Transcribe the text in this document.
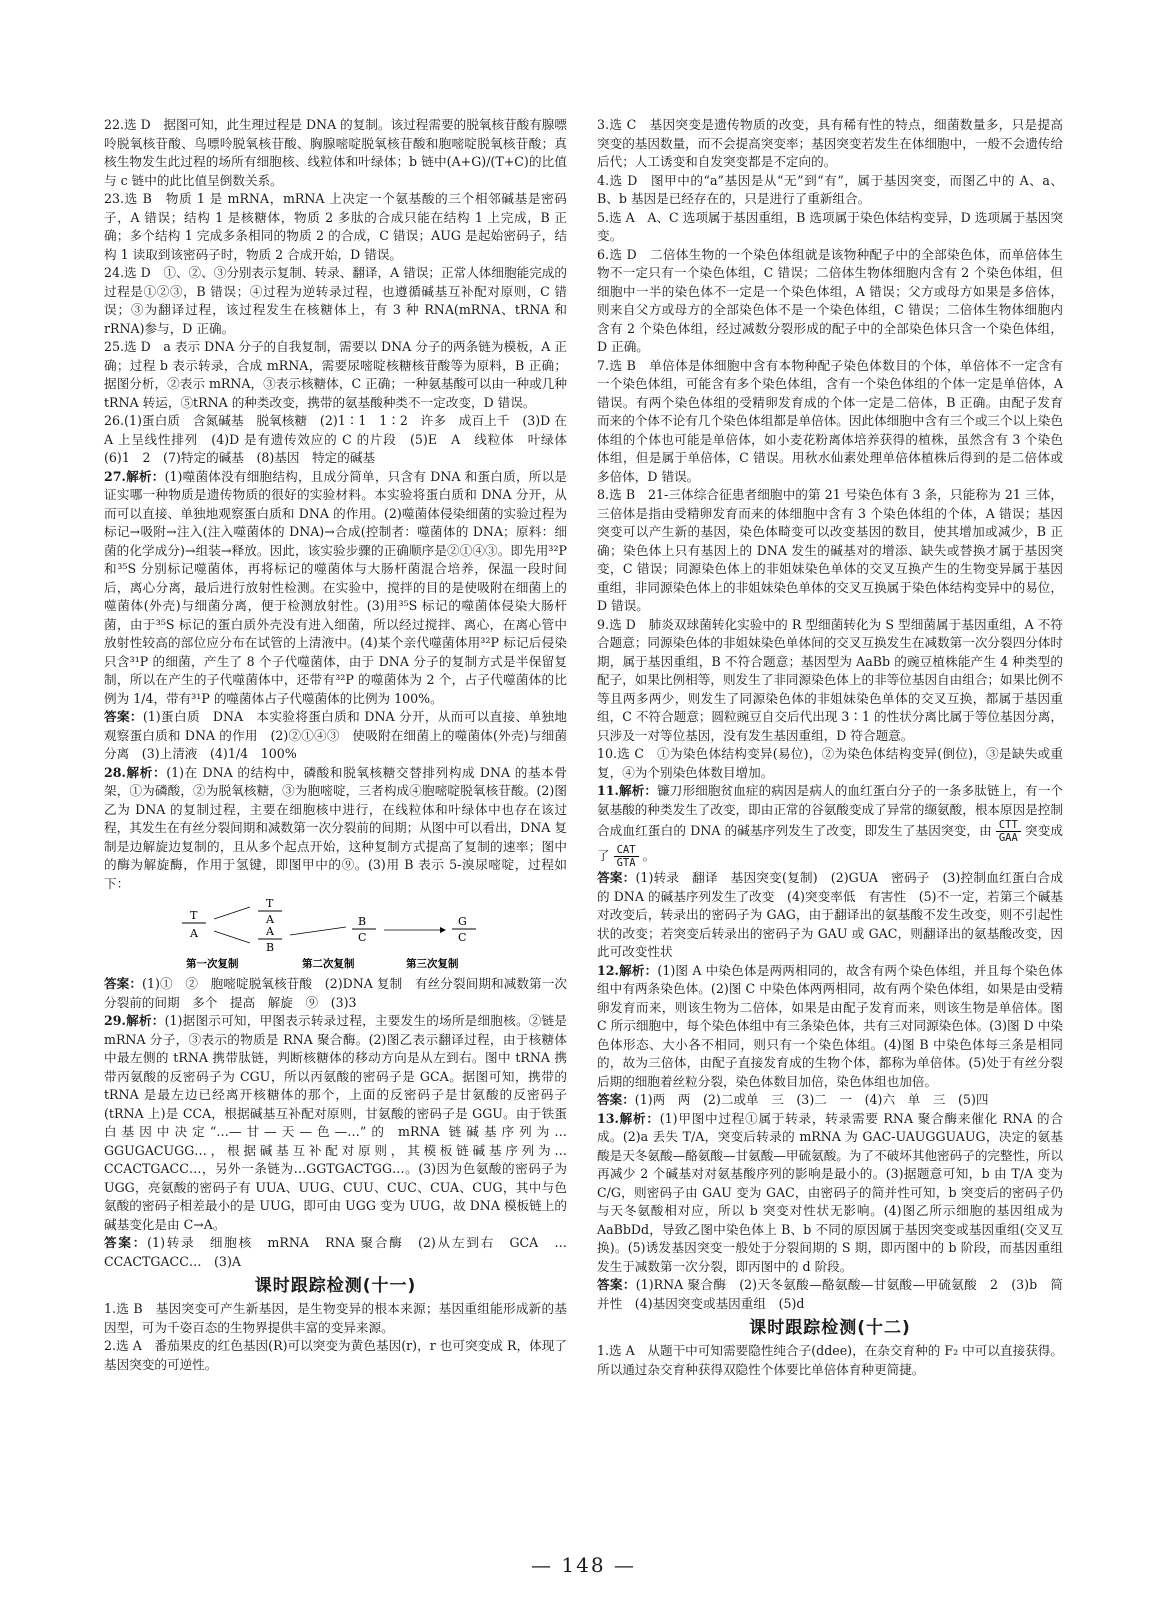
22.选 D　据图可知，此生理过程是 DNA 的复制。该过程需要的脱氧核苷酸有腺嘌呤脱氧核苷酸、鸟嘌呤脱氧核苷酸、胸腺嘧啶脱氧核苷酸和胞嘧啶脱氧核苷酸；真核生物发生此过程的场所有细胞核、线粒体和叶绿体；b 链中(A+G)/(T+C)的比值与 c 链中的此比值呈倒数关系。

23.选 B　物质 1 是 mRNA，mRNA 上决定一个氨基酸的三个相邻碱基是密码子，A 错误；结构 1 是核糖体，物质 2 多肽的合成只能在结构 1 上完成，B 正确；多个结构 1 完成多条相同的物质 2 的合成，C 错误；AUG 是起始密码子，结构 1 读取到该密码子时，物质 2 合成开始，D 错误。

24.选 D　①、②、③分别表示复制、转录、翻译，A 错误；正常人体细胞能完成的过程是①②③，B 错误；④过程为逆转录过程，也遵循碱基互补配对原则，C 错误；③为翻译过程，该过程发生在核糖体上，有 3 种 RNA(mRNA、tRNA 和 rRNA)参与，D 正确。

25.选 D　a 表示 DNA 分子的自我复制，需要以 DNA 分子的两条链为模板，A 正确；过程 b 表示转录，合成 mRNA，需要尿嘧啶核糖核苷酸等为原料，B 正确；据图分析，②表示 mRNA，③表示核糖体，C 正确；一种氨基酸可以由一种或几种 tRNA 转运，⑤tRNA 的种类改变，携带的氨基酸种类不一定改变，D 错误。

26.(1)蛋白质　含氮碱基　脱氧核糖　(2)1∶1　1∶2　许多　成百上千　(3)D 在 A 上呈线性排列　(4)D 是有遗传效应的 C 的片段　(5)E　A　线粒体　叶绿体　(6)1　2　(7)特定的碱基　(8)基因　特定的碱基

27.解析：(1)噬菌体没有细胞结构，且成分简单，只含有 DNA 和蛋白质，所以是证实哪一种物质是遗传物质的很好的实验材料。本实验将蛋白质和 DNA 分开，从而可以直接、单独地观察蛋白质和 DNA 的作用。(2)噬菌体侵染细菌的实验过程为标记→吸附→注入(注入噬菌体的 DNA)→合成(控制者：噬菌体的 DNA；原料：细菌的化学成分)→组装→释放。因此，该实验步骤的正确顺序是②①④③。即先用³²P 和³⁵S 分别标记噬菌体，再将标记的噬菌体与大肠杆菌混合培养，保温一段时间后，离心分离，最后进行放射性检测。在实验中，搅拌的目的是使吸附在细菌上的噬菌体(外壳)与细菌分离，便于检测放射性。(3)用³⁵S 标记的噬菌体侵染大肠杆菌，由于³⁵S 标记的蛋白质外壳没有进入细菌，所以经过搅拌、离心，在离心管中放射性较高的部位应分布在试管的上清液中。(4)某个亲代噬菌体用³²P 标记后侵染只含³¹P 的细菌，产生了 8 个子代噬菌体，由于 DNA 分子的复制方式是半保留复制，所以在产生的子代噬菌体中，还带有³²P 的噬菌体为 2 个，占子代噬菌体的比例为 1/4，带有³¹P 的噬菌体占子代噬菌体的比例为 100%。

答案：(1)蛋白质　DNA　本实验将蛋白质和 DNA 分开，从而可以直接、单独地观察蛋白质和 DNA 的作用　(2)②①④③　使吸附在细菌上的噬菌体(外壳)与细菌分离　(3)上清液　(4)1/4　100%

28.解析：(1)在 DNA 的结构中，磷酸和脱氧核糖交替排列构成 DNA 的基本骨架，①为磷酸，②为脱氧核糖，③为胞嘧啶，三者构成④胞嘧啶脱氧核苷酸。(2)图乙为 DNA 的复制过程，主要在细胞核中进行，在线粒体和叶绿体中也存在该过程，其发生在有丝分裂间期和减数第一次分裂前的间期；从图中可以看出，DNA 复制是边解旋边复制的，且从多个起点开始，这种复制方式提高了复制的速率；图中的酶为解旋酶，作用于氢键，即图甲中的⑨。(3)用 B 表示 5-溴尿嘧啶，过程如下：

T
A
T
A
A
B
B
C
G
C
第一次复制	第二次复制	第三次复制

答案：(1)①　②　胞嘧啶脱氧核苷酸　(2)DNA 复制　有丝分裂间期和减数第一次分裂前的间期　多个　提高　解旋　⑨　(3)3

29.解析：(1)据图示可知，甲图表示转录过程，主要发生的场所是细胞核。②链是 mRNA 分子，③表示的物质是 RNA 聚合酶。(2)图乙表示翻译过程，由于核糖体中最左侧的 tRNA 携带肽链，判断核糖体的移动方向是从左到右。图中 tRNA 携带丙氨酸的反密码子为 CGU，所以丙氨酸的密码子是 GCA。据图可知，携带的 tRNA 是最左边已经离开核糖体的那个，上面的反密码子是甘氨酸的反密码子(tRNA 上)是 CCA，根据碱基互补配对原则，甘氨酸的密码子是 GGU。由于铁蛋白基因中决定“…—甘—天—色—…”的 mRNA 链碱基序列为…GGUGACUGG…，根据碱基互补配对原则，其模板链碱基序列为…CCACTGACC…，另外一条链为…GGTGACTGG…。(3)因为色氨酸的密码子为 UGG，亮氨酸的密码子有 UUA、UUG、CUU、CUC、CUA、CUG，其中与色氨酸的密码子相差最小的是 UUG，即可由 UGG 变为 UUG，故 DNA 模板链上的碱基变化是由 C→A。

答案：(1)转录　细胞核　mRNA　RNA 聚合酶　(2)从左到右　GCA　…CCACTGACC…　(3)A

课时跟踪检测(十一)

1.选 B　基因突变可产生新基因，是生物变异的根本来源；基因重组能形成新的基因型，可为千姿百态的生物界提供丰富的变异来源。

2.选 A　番茄果皮的红色基因(R)可以突变为黄色基因(r)，r 也可突变成 R，体现了基因突变的可逆性。

3.选 C　基因突变是遗传物质的改变，具有稀有性的特点，细菌数量多，只是提高突变的基因数量，而不会提高突变率；基因突变若发生在体细胞中，一般不会遗传给后代；人工诱变和自发突变都是不定向的。

4.选 D　图甲中的“a”基因是从“无”到“有”，属于基因突变，而图乙中的 A、a、B、b 基因是已经存在的，只是进行了重新组合。

5.选 A　A、C 选项属于基因重组，B 选项属于染色体结构变异，D 选项属于基因突变。

6.选 D　二倍体生物的一个染色体组就是该物种配子中的全部染色体，而单倍体生物不一定只有一个染色体组，C 错误；二倍体生物体细胞内含有 2 个染色体组，但细胞中一半的染色体不一定是一个染色体组，A 错误；父方或母方如果是多倍体，则来自父方或母方的全部染色体不是一个染色体组，C 错误；二倍体生物体细胞内含有 2 个染色体组，经过减数分裂形成的配子中的全部染色体只含一个染色体组，D 正确。

7.选 B　单倍体是体细胞中含有本物种配子染色体数目的个体，单倍体不一定含有一个染色体组，可能含有多个染色体组，含有一个染色体组的个体一定是单倍体，A 错误。有两个染色体组的受精卵发育成的个体一定是二倍体，B 正确。由配子发育而来的个体不论有几个染色体组都是单倍体。因此体细胞中含有三个或三个以上染色体组的个体也可能是单倍体，如小麦花粉离体培养获得的植株，虽然含有 3 个染色体组，但是属于单倍体，C 错误。用秋水仙素处理单倍体植株后得到的是二倍体或多倍体，D 错误。

8.选 B　21-三体综合征患者细胞中的第 21 号染色体有 3 条，只能称为 21 三体，三倍体是指由受精卵发育而来的体细胞中含有 3 个染色体组的个体，A 错误；基因突变可以产生新的基因，染色体畸变可以改变基因的数目，使其增加或减少，B 正确；染色体上只有基因上的 DNA 发生的碱基对的增添、缺失或替换才属于基因突变，C 错误；同源染色体上的非姐妹染色单体的交叉互换产生的生物变异属于基因重组，非同源染色体上的非姐妹染色单体的交叉互换属于染色体结构变异中的易位，D 错误。

9.选 D　肺炎双球菌转化实验中的 R 型细菌转化为 S 型细菌属于基因重组，A 不符合题意；同源染色体的非姐妹染色单体间的交叉互换发生在减数第一次分裂四分体时期，属于基因重组，B 不符合题意；基因型为 AaBb 的豌豆植株能产生 4 种类型的配子，如果比例相等，则发生了非同源染色体上的非等位基因自由组合；如果比例不等且两多两少，则发生了同源染色体的非姐妹染色单体的交叉互换，都属于基因重组，C 不符合题意；圆粒豌豆自交后代出现 3∶1 的性状分离比属于等位基因分离，只涉及一对等位基因，没有发生基因重组，D 符合题意。

10.选 C　①为染色体结构变异(易位)，②为染色体结构变异(倒位)，③是缺失或重复，④为个别染色体数目增加。

11.解析：镰刀形细胞贫血症的病因是病人的血红蛋白分子的一条多肽链上，有一个氨基酸的种类发生了改变，即由正常的谷氨酸变成了异常的缬氨酸，根本原因是控制合成血红蛋白的 DNA 的碱基序列发生了改变，即发生了基因突变，由 $\frac{\text{CTT}}{\text{GAA}}$ 突变成了 $\frac{\text{CAT}}{\text{GTA}}$ 。

答案：(1)转录　翻译　基因突变(复制)　(2)GUA　密码子　(3)控制血红蛋白合成的 DNA 的碱基序列发生了改变　(4)突变率低　有害性　(5)不一定，若第三个碱基对改变后，转录出的密码子为 GAG，由于翻译出的氨基酸不发生改变，则不引起性状的改变；若突变后转录出的密码子为 GAU 或 GAC，则翻译出的氨基酸改变，因此可改变性状

12.解析：(1)图 A 中染色体是两两相同的，故含有两个染色体组，并且每个染色体组中有两条染色体。(2)图 C 中染色体两两相同，故有两个染色体组，如果是由受精卵发育而来，则该生物为二倍体，如果是由配子发育而来，则该生物是单倍体。图 C 所示细胞中，每个染色体组中有三条染色体，共有三对同源染色体。(3)图 D 中染色体形态、大小各不相同，则只有一个染色体组。(4)图 B 中染色体每三条是相同的，故为三倍体，由配子直接发育成的生物个体，都称为单倍体。(5)处于有丝分裂后期的细胞着丝粒分裂，染色体数目加倍，染色体组也加倍。

答案：(1)两　两　(2)二或单　三　(3)二　一　(4)六　单　三　(5)四

13.解析：(1)甲图中过程①属于转录，转录需要 RNA 聚合酶来催化 RNA 的合成。(2)a 丢失 T/A，突变后转录的 mRNA 为 GAC-UAUGGUAUG，决定的氨基酸是天冬氨酸—酪氨酸—甘氨酸—甲硫氨酸。为了不破坏其他密码子的完整性，所以再减少 2 个碱基对对氨基酸序列的影响是最小的。(3)据题意可知，b 由 T/A 变为 C/G，则密码子由 GAU 变为 GAC，由密码子的简并性可知，b 突变后的密码子仍与天冬氨酸相对应，所以 b 突变对性状无影响。(4)图乙所示细胞的基因组成为 AaBbDd，导致乙图中染色体上 B、b 不同的原因属于基因突变或基因重组(交叉互换)。(5)诱发基因突变一般处于分裂间期的 S 期，即丙图中的 b 阶段，而基因重组发生于减数第一次分裂，即丙图中的 d 阶段。

答案：(1)RNA 聚合酶　(2)天冬氨酸—酪氨酸—甘氨酸—甲硫氨酸　2　(3)b　简并性　(4)基因突变或基因重组　(5)d

课时跟踪检测(十二)

1.选 A　从题干中可知需要隐性纯合子(ddee)，在杂交育种的 F₂ 中可以直接获得。所以通过杂交育种获得双隐性个体要比单倍体育种更简捷。

— 148 —
